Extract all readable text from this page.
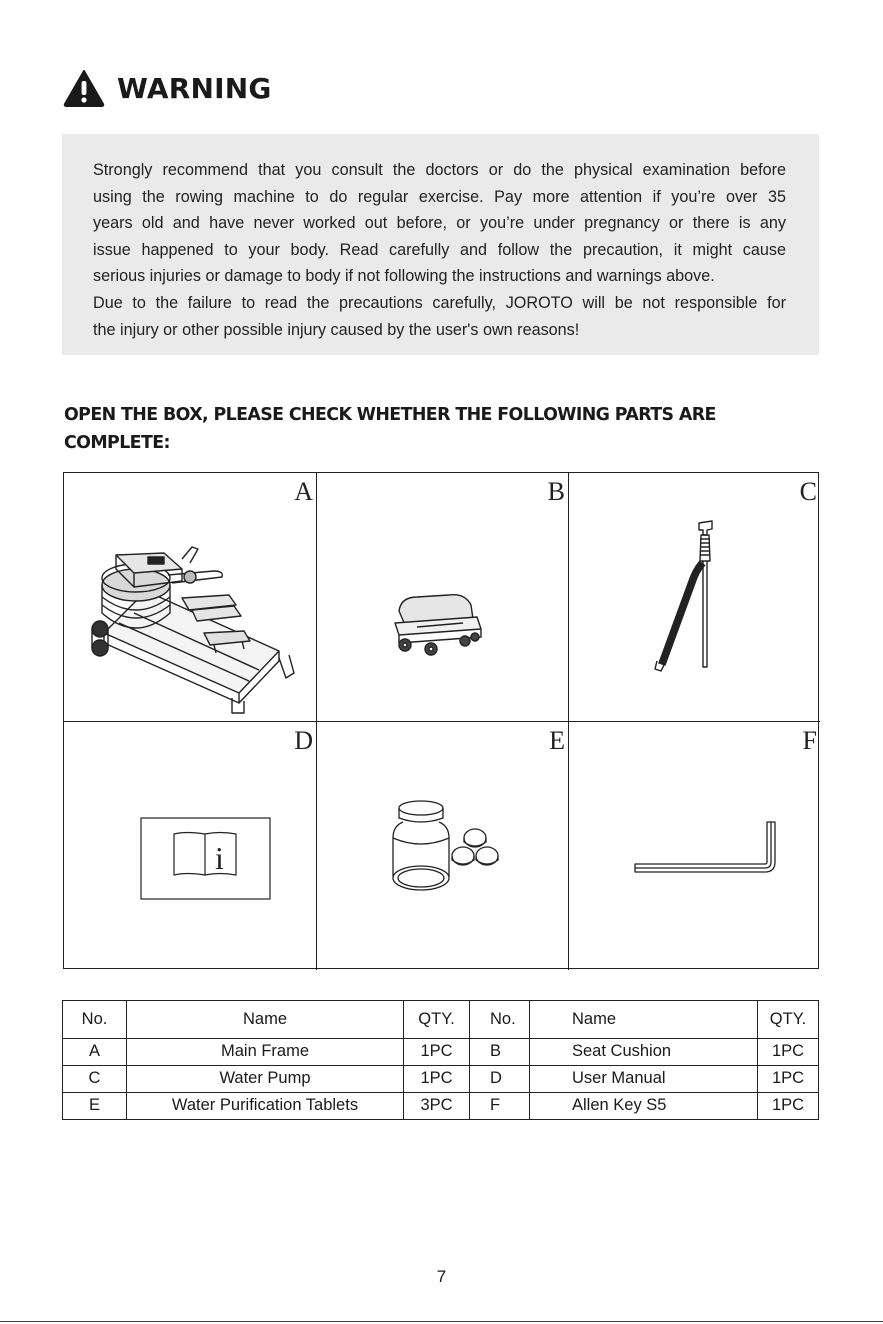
WARNING
Strongly recommend that you consult the doctors or do the physical examination before
using the rowing machine to do regular exercise. Pay more attention if you’re over 35
years old and have never worked out before, or you’re under pregnancy or there is any
issue happened to your body. Read carefully and follow the precaution, it might cause
serious injuries or damage to body if not following the instructions and warnings above.
Due to the failure to read the precautions carefully, JOROTO will be not responsible for
the injury or other possible injury caused by the user's own reasons!
OPEN THE BOX, PLEASE CHECK WHETHER THE FOLLOWING PARTS ARE
COMPLETE:
A	B	C
i
D	E	F
No.	Name	QTY.	No.	Name	QTY.
A	Main Frame	1PC	B	Seat Cushion	1PC
C	Water Pump	1PC	D	User Manual	1PC
E	Water Purification Tablets	3PC	F	Allen Key S5	1PC
7
